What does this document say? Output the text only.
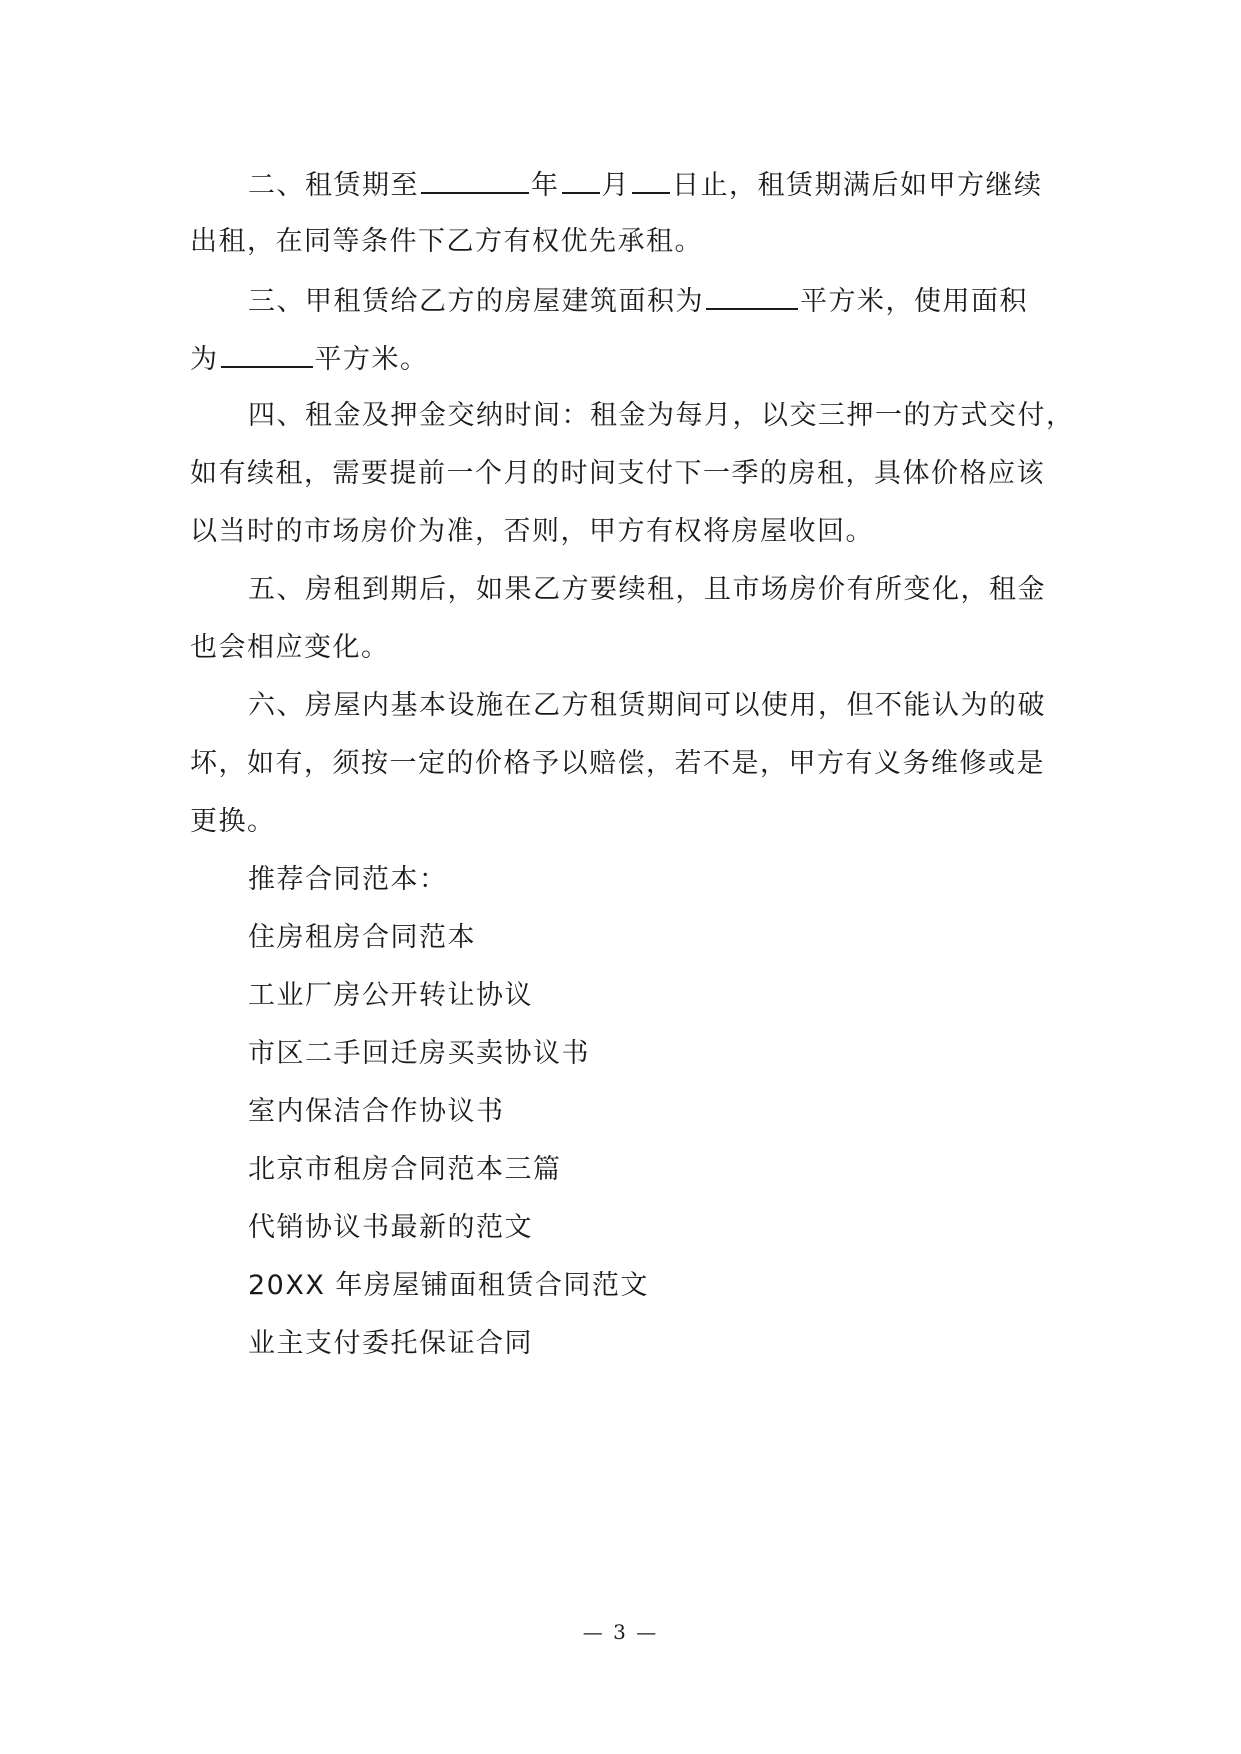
二、租赁期至	年 月 日止，租赁期满后如甲方继续
出租，在同等条件下乙方有权优先承租。
三、甲租赁给乙方的房屋建筑面积为	平方米，使用面积
为	平方米。
四、租金及押金交纳时间：租金为每月，以交三押一的方式交付，
如有续租，需要提前一个月的时间支付下一季的房租，具体价格应该
以当时的市场房价为准，否则，甲方有权将房屋收回。
五、房租到期后，如果乙方要续租，且市场房价有所变化，租金
也会相应变化。
六、房屋内基本设施在乙方租赁期间可以使用，但不能认为的破
坏，如有，须按一定的价格予以赔偿，若不是，甲方有义务维修或是
更换。
推荐合同范本：
住房租房合同范本
工业厂房公开转让协议
市区二手回迁房买卖协议书
室内保洁合作协议书
北京市租房合同范本三篇
代销协议书最新的范文
20XX 年房屋铺面租赁合同范文
业主支付委托保证合同
— 3 —
